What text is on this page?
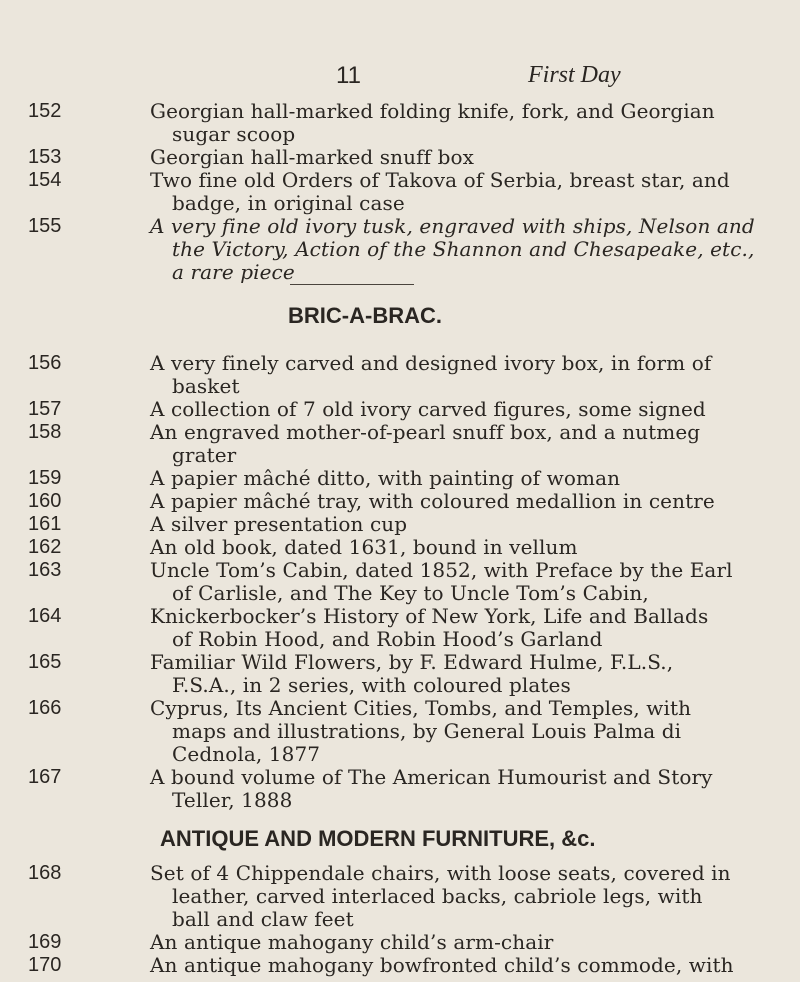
11	First Day
152	Georgian hall-marked folding knife, fork, and Georgian
sugar scoop
153	Georgian hall-marked snuff box
154	Two fine old Orders of Takova of Serbia, breast star, and
badge, in original case
155	A very fine old ivory tusk, engraved with ships, Nelson and
the Victory, Action of the Shannon and Chesapeake, etc.,
a rare piece
BRIC-A-BRAC.
156	A very finely carved and designed ivory box, in form of
basket
157	A collection of 7 old ivory carved figures, some signed
158	An engraved mother-of-pearl snuff box, and a nutmeg
grater
159	A papier mâché ditto, with painting of woman
160	A papier mâché tray, with coloured medallion in centre
161	A silver presentation cup
162	An old book, dated 1631, bound in vellum
163	Uncle Tom’s Cabin, dated 1852, with Preface by the Earl
of Carlisle, and The Key to Uncle Tom’s Cabin,
164	Knickerbocker’s History of New York, Life and Ballads
of Robin Hood, and Robin Hood’s Garland
165	Familiar Wild Flowers, by F. Edward Hulme, F.L.S.,
F.S.A., in 2 series, with coloured plates
166	Cyprus, Its Ancient Cities, Tombs, and Temples, with
maps and illustrations, by General Louis Palma di
Cednola, 1877
167	A bound volume of The American Humourist and Story
Teller, 1888
ANTIQUE AND MODERN FURNITURE, &c.
168	Set of 4 Chippendale chairs, with loose seats, covered in
leather, carved interlaced backs, cabriole legs, with
ball and claw feet
169	An antique mahogany child’s arm-chair
170	An antique mahogany bowfronted child’s commode, with
